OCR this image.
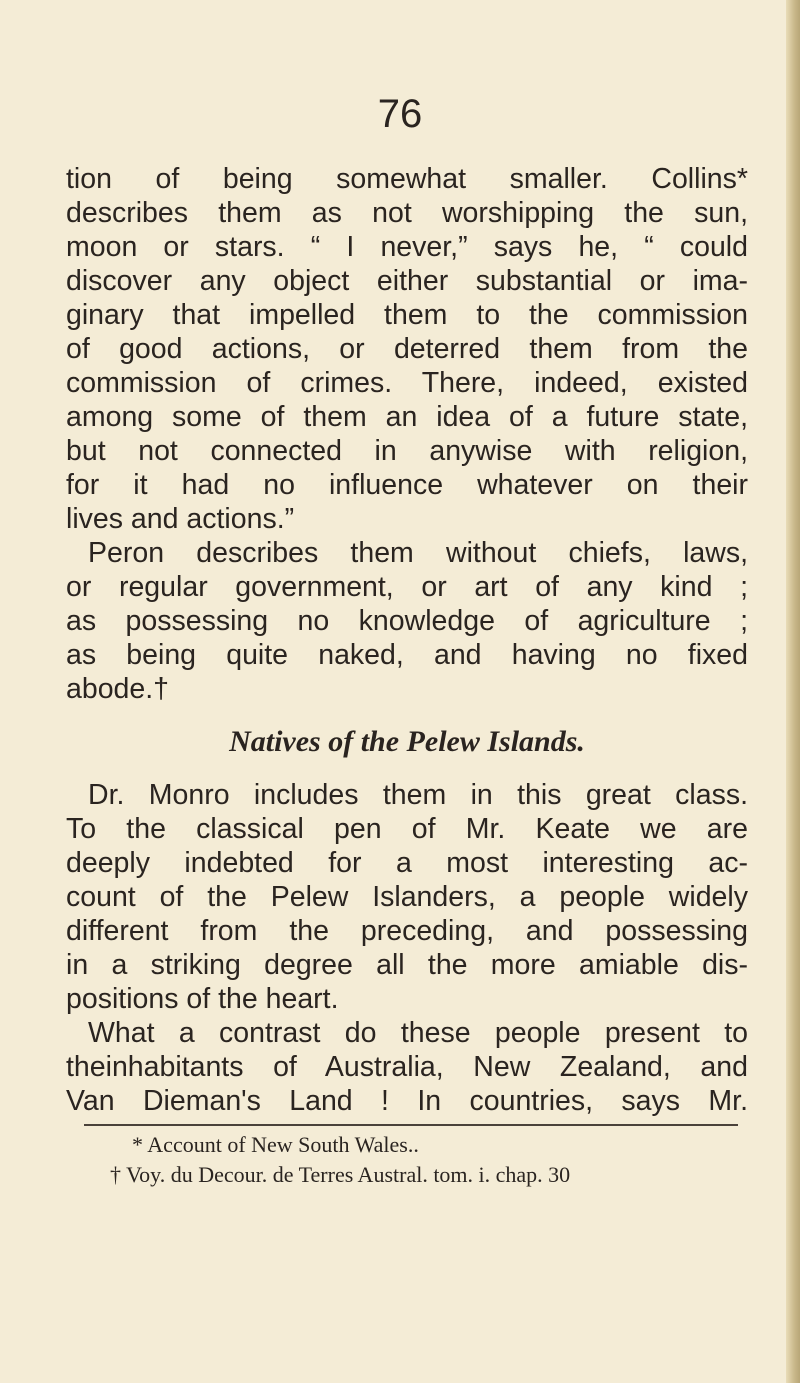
76
tion of being somewhat smaller. Collins*
describes them as not worshipping the sun,
moon or stars. “ I never,” says he, “ could
discover any object either substantial or ima-
ginary that impelled them to the commission
of good actions, or deterred them from the
commission of crimes. There, indeed, existed
among some of them an idea of a future state,
but not connected in anywise with religion,
for it had no influence whatever on their
lives and actions.”
Peron describes them without chiefs, laws,
or regular government, or art of any kind ;
as possessing no knowledge of agriculture ;
as being quite naked, and having no fixed
abode.†
Natives of the Pelew Islands.
Dr. Monro includes them in this great class.
To the classical pen of Mr. Keate we are
deeply indebted for a most interesting ac-
count of the Pelew Islanders, a people widely
different from the preceding, and possessing
in a striking degree all the more amiable dis-
positions of the heart.
What a contrast do these people present to
theinhabitants of Australia, New Zealand, and
Van Dieman's Land ! In countries, says Mr.
* Account of New South Wales..
† Voy. du Decour. de Terres Austral. tom. i. chap. 30
